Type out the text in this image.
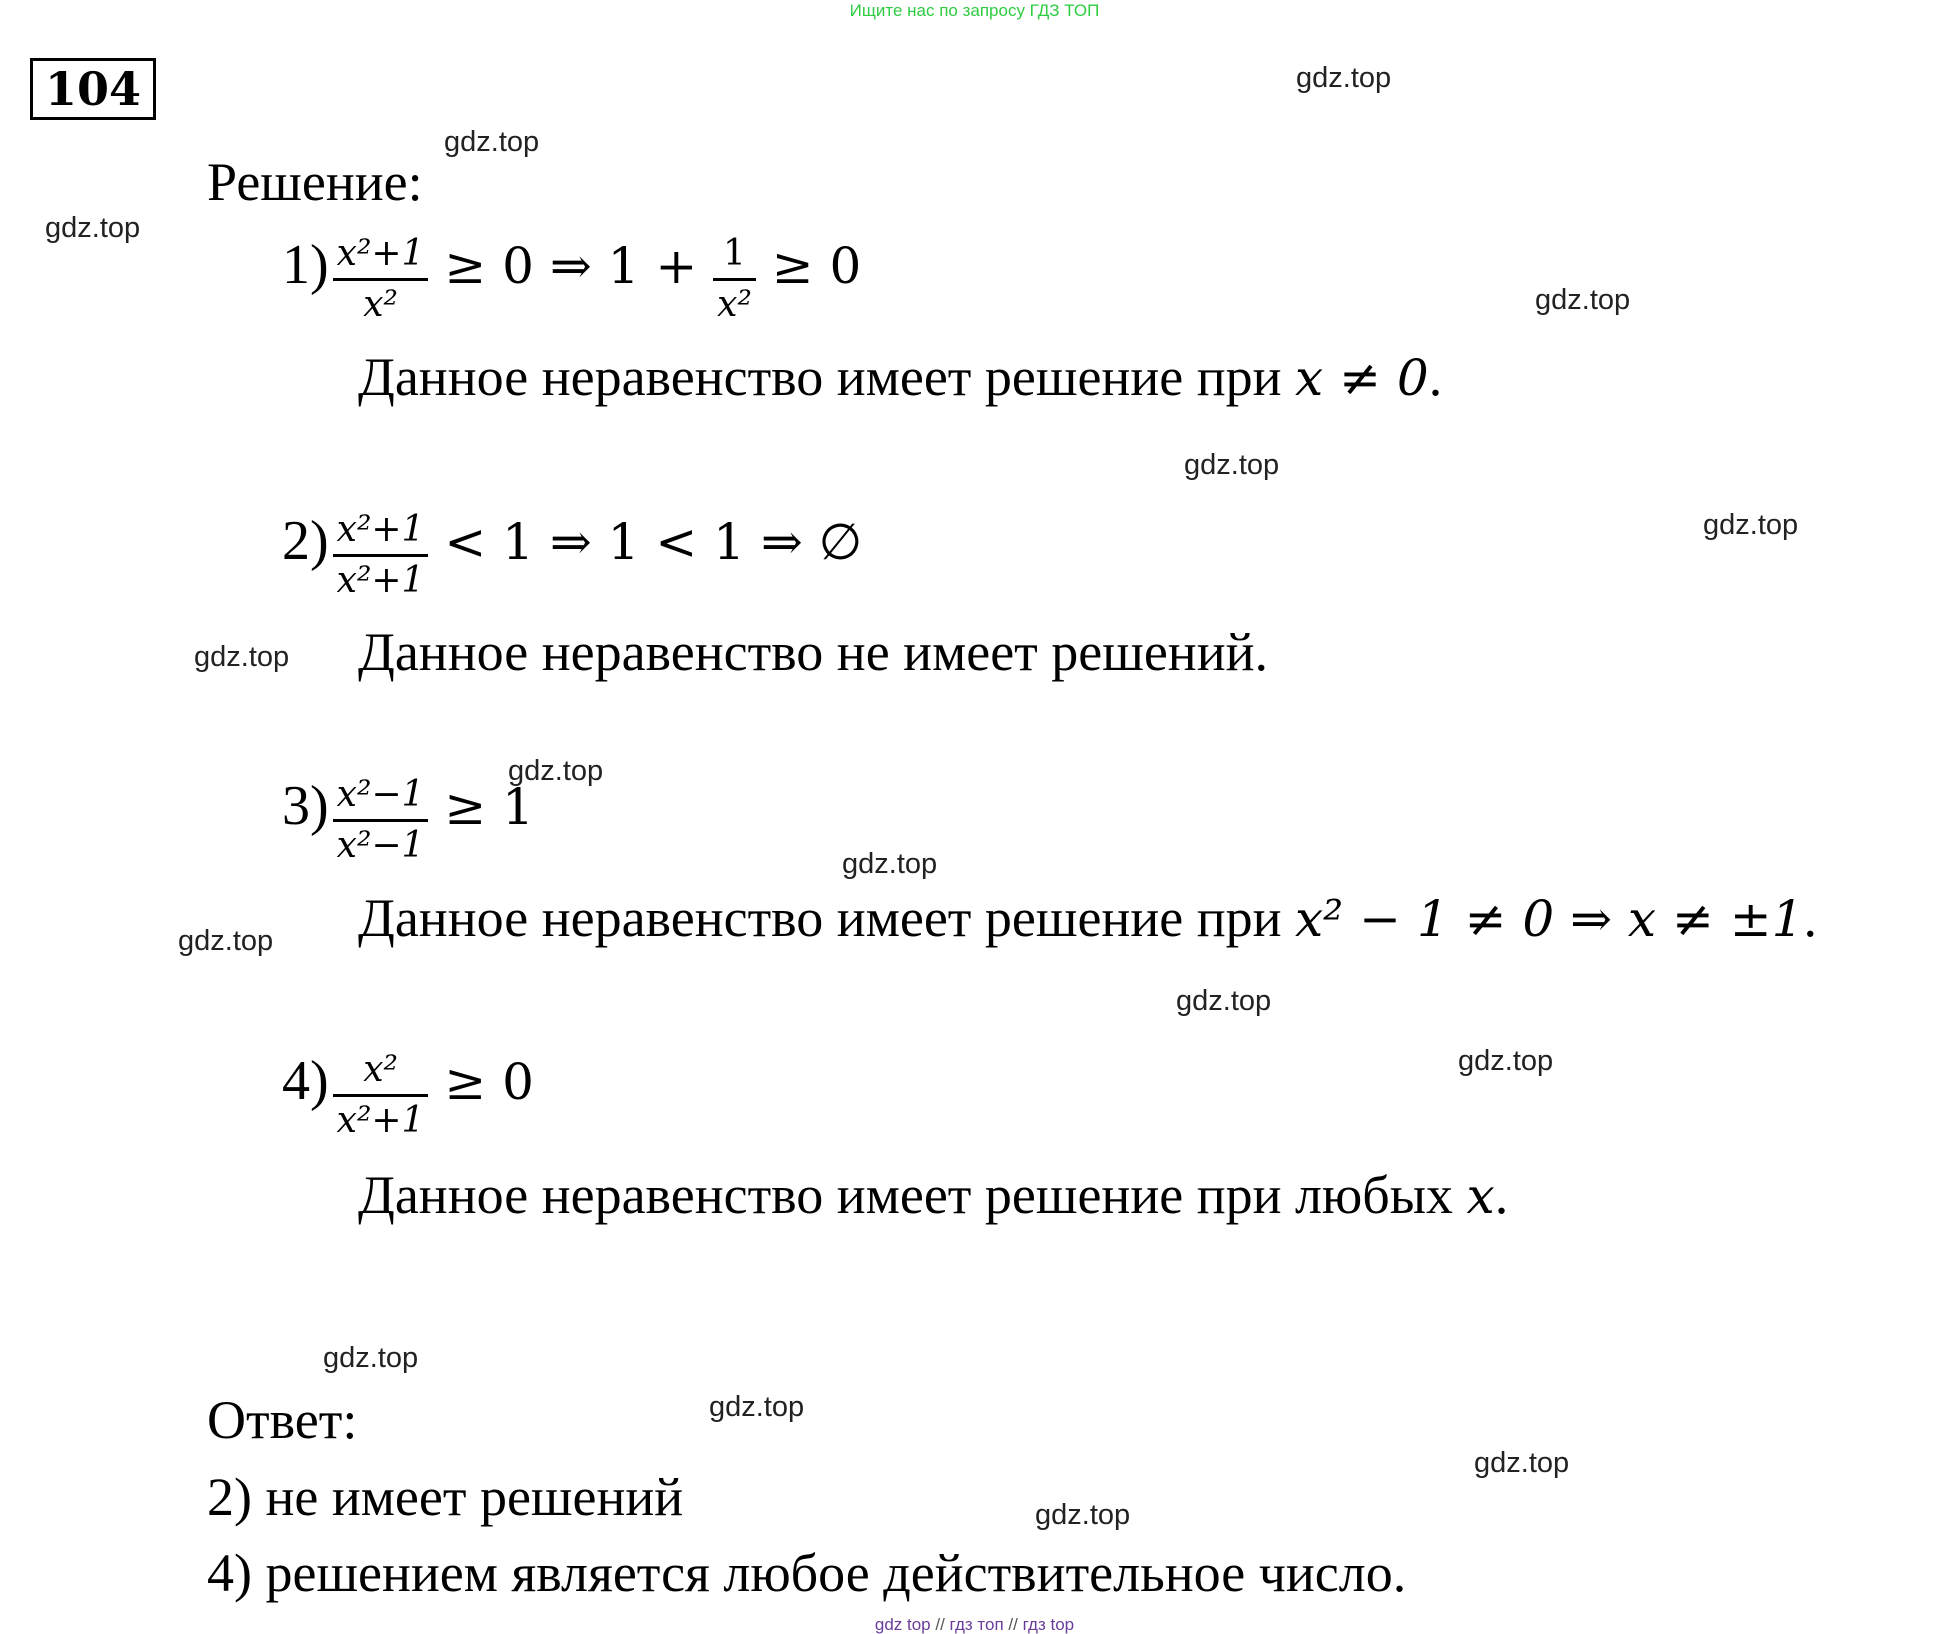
Ищите нас по запросу ГДЗ ТОП
104
Решение:
$1) \frac{\text{x²+1}}{\text{x²}} \ge 0$ ⇒ $1 + \frac{1}{\text{x²}} \ge 0$
Данное неравенство имеет решение при x ≠ 0.
$2) \frac{\text{x²+1}}{\text{x²+1}} < 1$ ⇒ 1 < 1 ⇒ ∅
Данное неравенство не имеет решений.
$3) \frac{\text{x²−1}}{\text{x²−1}} \ge 1$
Данное неравенство имеет решение при x² − 1 ≠ 0 ⇒ x ≠ ±1.
$4) \frac{\text{x²}}{\text{x²+1}} \ge 0$
Данное неравенство имеет решение при любых x.
Ответ:
2) не имеет решений
4) решением является любое действительное число.
gdz.top
gdz.top
gdz.top
gdz.top
gdz.top
gdz.top
gdz.top
gdz.top
gdz.top
gdz.top
gdz.top
gdz.top
gdz.top
gdz.top
gdz.top
gdz.top
gdz top // гдз топ // гдз top
